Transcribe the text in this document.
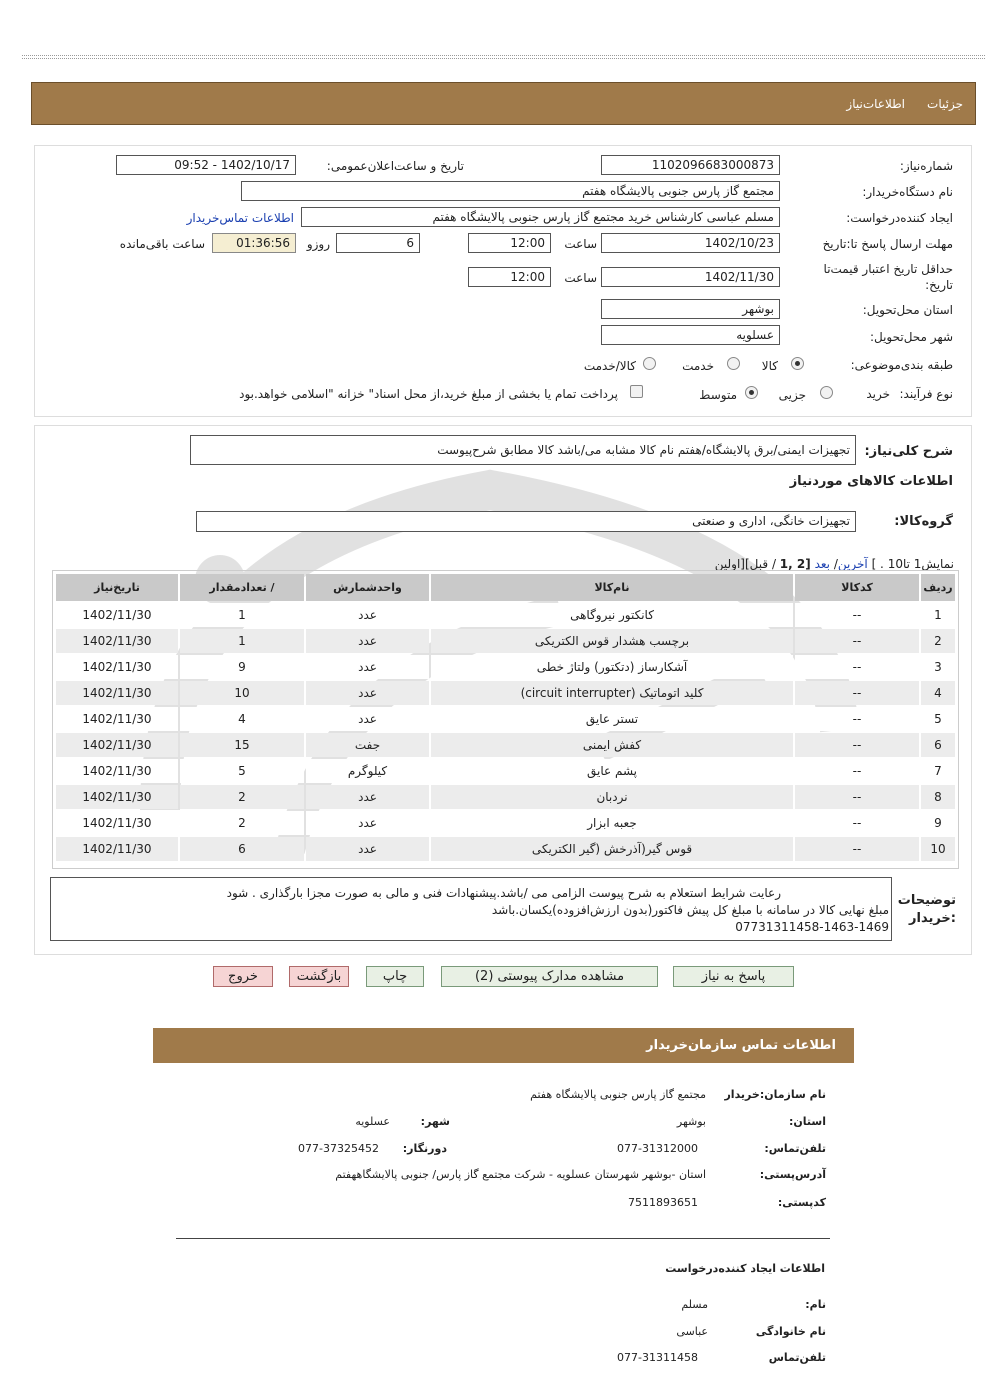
جزئیات
اطلاعات‌نیاز
شماره‌نیاز:
1102096683000873
تاریخ و ساعت‌اعلان‌عمومی:
1402/10/17 - 09:52
نام دستگاه‌خریدار:
مجتمع گاز پارس جنوبی پالایشگاه هفتم
ایجاد کننده‌درخواست:
مسلم عباسی کارشناس خرید مجتمع گاز پارس جنوبی پالایشگاه هفتم
اطلاعات تماس‌خریدار
مهلت ارسال پاسخ تا‌:تاریخ
1402/10/23
ساعت
12:00
6
روزو
01:36:56
ساعت باقی‌مانده
حداقل تاریخ اعتبار قیمت‌تا
تاریخ:
1402/11/30
ساعت
12:00
استان محل‌تحویل:
بوشهر
شهر محل‌تحویل:
عسلویه
طبقه بندی‌موضوعی:
کالا
خدمت
کالا/خدمت
نوع فرآیند:
خرید
جزیی
متوسط
پرداخت تمام یا بخشی از مبلغ خرید،از محل اسناد" خزانه "اسلامی خواهد.بود
شرح کلی‌نیاز:
تجهیزات ایمنی/برق پالایشگاه/هفتم نام کالا مشابه می/باشد کالا مطابق شرح‌پیوست
اطلاعات کالاهای موردنیاز
گروه‌کالا:
تجهیزات خانگی، اداری و صنعتی
نمایش1 تا10 . ] آخرین/ بعد [2 ,1 / قبل][اولین
ردیف	کدکالا	نام‌کالا	واحدشمارش	/ تعدادمقدار	تاریخ‌نیاز
1	--	کانکتور نیروگاهی	عدد	1	1402/11/30
2	--	برچسب هشدار قوس الکتریکی	عدد	1	1402/11/30
3	--	آشکارساز (دتکتور) ولتاژ خطی	عدد	9	1402/11/30
4	--	کلید اتوماتیک (circuit interrupter)	عدد	10	1402/11/30
5	--	تستر عایق	عدد	4	1402/11/30
6	--	کفش ایمنی	جفت	15	1402/11/30
7	--	پشم عایق	کیلوگرم	5	1402/11/30
8	--	نردبان	عدد	2	1402/11/30
9	--	جعبه ابزار	عدد	2	1402/11/30
10	--	قوس گیر(آذرخش (گیر الکتریکی	عدد	6	1402/11/30
توضیحات
:خریدار
رعایت شرایط استعلام به شرح پیوست الزامی می /باشد.پیشنهادات فنی و مالی به صورت مجزا بارگذاری . شود
مبلغ نهایی کالا در سامانه با مبلغ کل پیش فاکتور(بدون ارزش‌افزوده)یکسان.باشد
07731311458-1463-1469
پاسخ به نیاز
مشاهده مدارک پیوستی (2)
چاپ
بازگشت
خروج
اطلاعات تماس سازمان‌خریدار
نام سازمان‌:خریدار
مجتمع گاز پارس جنوبی پالایشگاه هفتم
استان:
بوشهر
شهر:
عسلویه
تلفن‌تماس:
077-31312000
دورنگار:
077-37325452
آدرس‌پستی:
استان -بوشهر شهرستان عسلویه - شرکت مجتمع گاز پارس/ جنوبی پالایشگاههفتم
کدپستی:
7511893651
اطلاعات ایجاد کننده‌درخواست
نام:
مسلم
نام خانوادگی
عباسی
تلفن‌تماس
077-31311458
